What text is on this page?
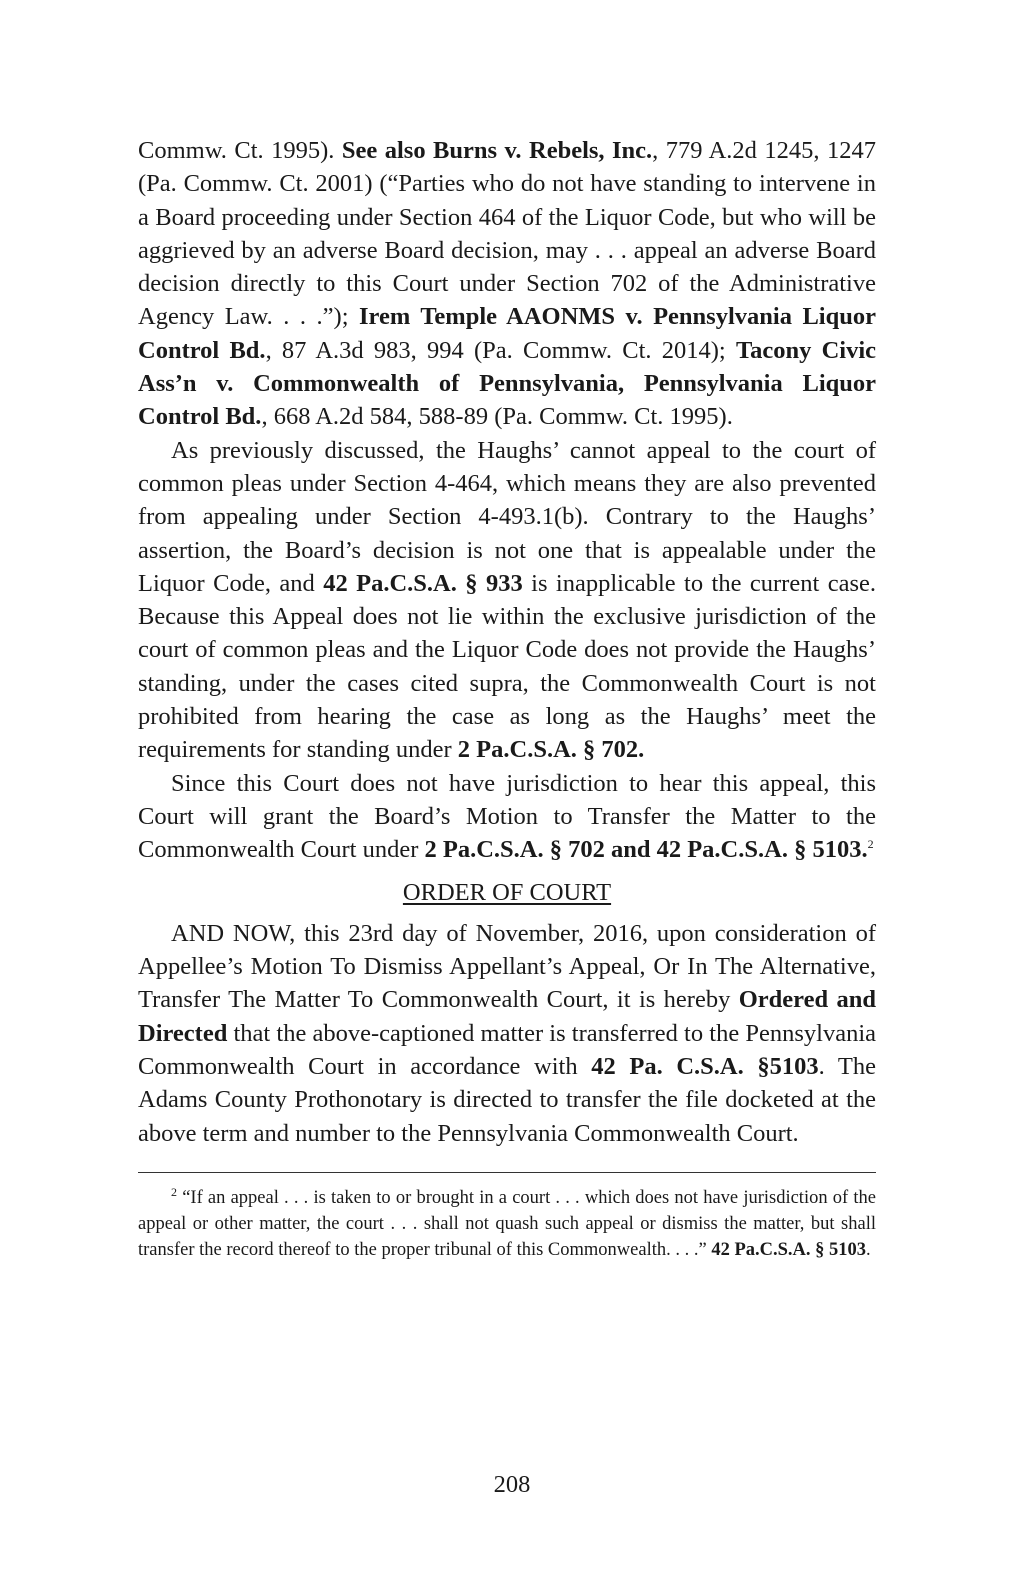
Commw. Ct. 1995). See also Burns v. Rebels, Inc., 779 A.2d 1245, 1247 (Pa. Commw. Ct. 2001) (“Parties who do not have standing to intervene in a Board proceeding under Section 464 of the Liquor Code, but who will be aggrieved by an adverse Board decision, may . . . appeal an adverse Board decision directly to this Court under Section 702 of the Administrative Agency Law. . . .”); Irem Temple AAONMS v. Pennsylvania Liquor Control Bd., 87 A.3d 983, 994 (Pa. Commw. Ct. 2014); Tacony Civic Ass’n v. Commonwealth of Pennsylvania, Pennsylvania Liquor Control Bd., 668 A.2d 584, 588-89 (Pa. Commw. Ct. 1995).

As previously discussed, the Haughs’ cannot appeal to the court of common pleas under Section 4-464, which means they are also prevented from appealing under Section 4-493.1(b). Contrary to the Haughs’ assertion, the Board’s decision is not one that is appealable under the Liquor Code, and 42 Pa.C.S.A. § 933 is inapplicable to the current case. Because this Appeal does not lie within the exclusive jurisdiction of the court of common pleas and the Liquor Code does not provide the Haughs’ standing, under the cases cited supra, the Commonwealth Court is not prohibited from hearing the case as long as the Haughs’ meet the requirements for standing under 2 Pa.C.S.A. § 702.

Since this Court does not have jurisdiction to hear this appeal, this Court will grant the Board’s Motion to Transfer the Matter to the Commonwealth Court under 2 Pa.C.S.A. § 702 and 42 Pa.C.S.A. § 5103.$^2$

ORDER OF COURT

AND NOW, this 23rd day of November, 2016, upon consideration of Appellee’s Motion To Dismiss Appellant’s Appeal, Or In The Alternative, Transfer The Matter To Commonwealth Court, it is hereby Ordered and Directed that the above-captioned matter is transferred to the Pennsylvania Commonwealth Court in accordance with 42 Pa. C.S.A. §5103. The Adams County Prothonotary is directed to transfer the file docketed at the above term and number to the Pennsylvania Commonwealth Court.

$^2$ “If an appeal . . . is taken to or brought in a court . . . which does not have jurisdiction of the appeal or other matter, the court . . . shall not quash such appeal or dismiss the matter, but shall transfer the record thereof to the proper tribunal of this Commonwealth. . . .” 42 Pa.C.S.A. § 5103.

208
